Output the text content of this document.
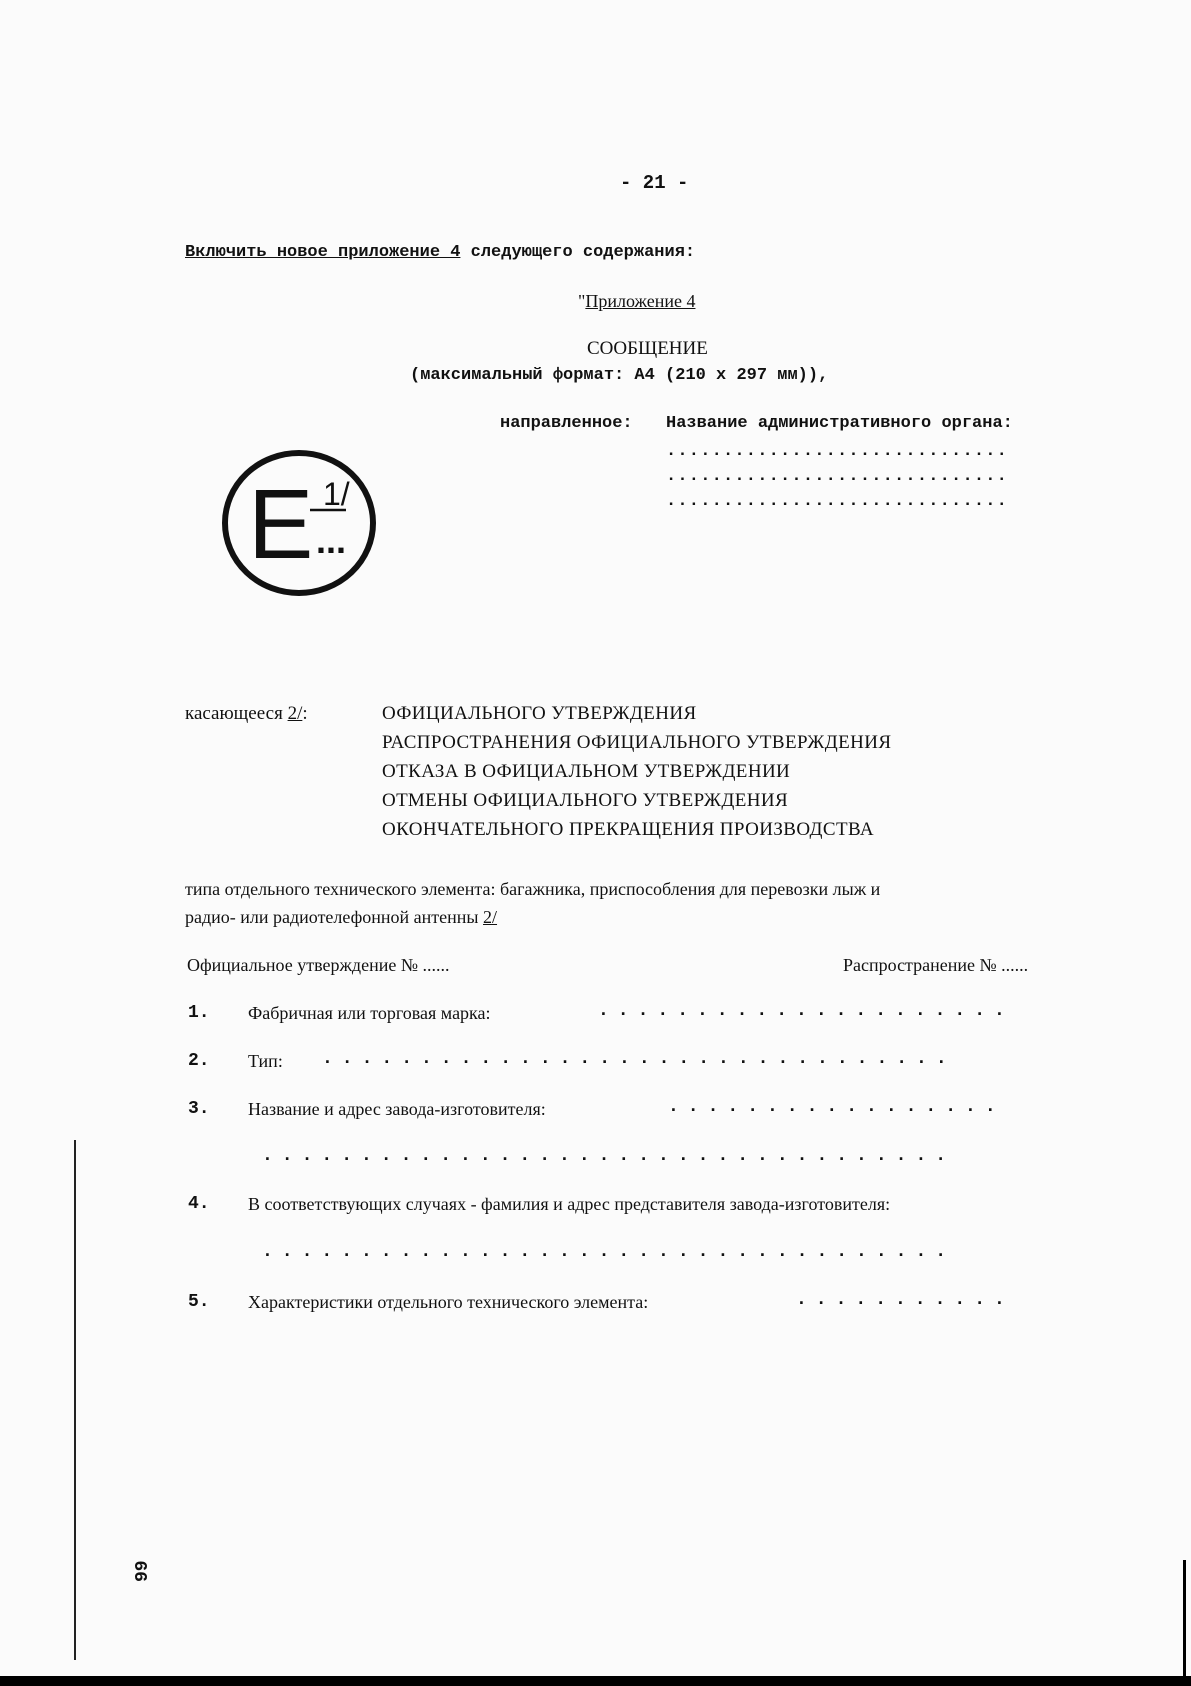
- 21 -
Включить новое приложение 4 следующего содержания:
"Приложение 4
СООБЩЕНИЕ
(максимальный формат: А4 (210 х 297 мм)),
направленное: Название административного органа:
..............................
..............................
..............................
E 1/
...
касающееся 2/:	ОФИЦИАЛЬНОГО УТВЕРЖДЕНИЯ
РАСПРОСТРАНЕНИЯ ОФИЦИАЛЬНОГО УТВЕРЖДЕНИЯ
ОТКАЗА В ОФИЦИАЛЬНОМ УТВЕРЖДЕНИИ
ОТМЕНЫ ОФИЦИАЛЬНОГО УТВЕРЖДЕНИЯ
ОКОНЧАТЕЛЬНОГО ПРЕКРАЩЕНИЯ ПРОИЗВОДСТВА
типа отдельного технического элемента: багажника, приспособления для перевозки лыж и
радио- или радиотелефонной антенны 2/
Официальное утверждение № ......	Распространение № ......
1. Фабричная или торговая марка:	.....................
2. Тип: ................................
3. Название и адрес завода-изготовителя:	.................
...................................
4. В соответствующих случаях - фамилия и адрес представителя завода-изготовителя:
...................................
5. Характеристики отдельного технического элемента:	...........
99
